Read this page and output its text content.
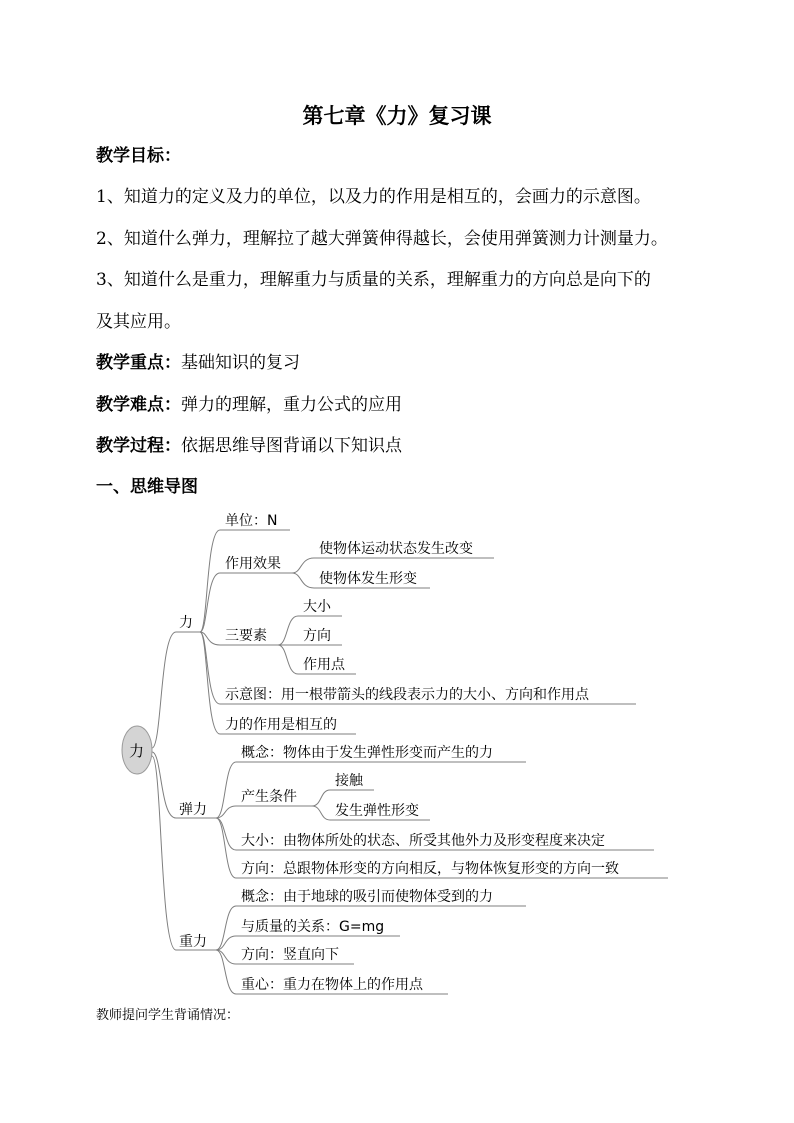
第七章《力》复习课
教学目标：
1、知道力的定义及力的单位，以及力的作用是相互的，会画力的示意图。
2、知道什么弹力，理解拉了越大弹簧伸得越长，会使用弹簧测力计测量力。
3、知道什么是重力，理解重力与质量的关系，理解重力的方向总是向下的
及其应用。
教学重点：基础知识的复习
教学难点：弹力的理解，重力公式的应用
教学过程：依据思维导图背诵以下知识点
一、思维导图
力
力
单位：N
作用效果
使物体运动状态发生改变
使物体发生形变
三要素
大小
方向
作用点
示意图：用一根带箭头的线段表示力的大小、方向和作用点
力的作用是相互的
弹力
概念：物体由于发生弹性形变而产生的力
产生条件
接触
发生弹性形变
大小：由物体所处的状态、所受其他外力及形变程度来决定
方向：总跟物体形变的方向相反，与物体恢复形变的方向一致
重力
概念：由于地球的吸引而使物体受到的力
与质量的关系：G=mg
方向：竖直向下
重心：重力在物体上的作用点
教师提问学生背诵情况：
